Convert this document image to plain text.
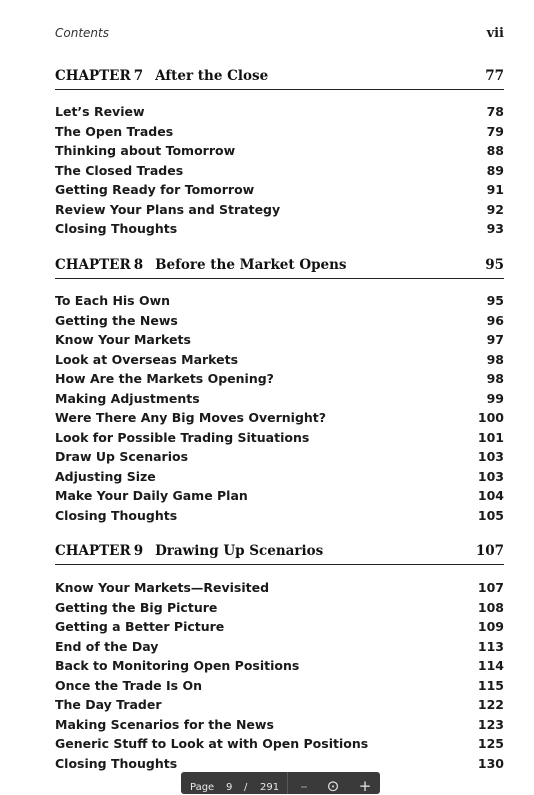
Contents	vii
CHAPTER 7 After the Close	77
Let’s Review	78
The Open Trades	79
Thinking about Tomorrow	88
The Closed Trades	89
Getting Ready for Tomorrow	91
Review Your Plans and Strategy	92
Closing Thoughts	93
CHAPTER 8 Before the Market Opens	95
To Each His Own	95
Getting the News	96
Know Your Markets	97
Look at Overseas Markets	98
How Are the Markets Opening?	98
Making Adjustments	99
Were There Any Big Moves Overnight?	100
Look for Possible Trading Situations	101
Draw Up Scenarios	103
Adjusting Size	103
Make Your Daily Game Plan	104
Closing Thoughts	105
CHAPTER 9 Drawing Up Scenarios	107
Know Your Markets—Revisited	107
Getting the Big Picture	108
Getting a Better Picture	109
End of the Day	113
Back to Monitoring Open Positions	114
Once the Trade Is On	115
The Day Trader	122
Making Scenarios for the News	123
Generic Stuff to Look at with Open Positions	125
Closing Thoughts	130
Page 9 / 291 – ⊙ +
